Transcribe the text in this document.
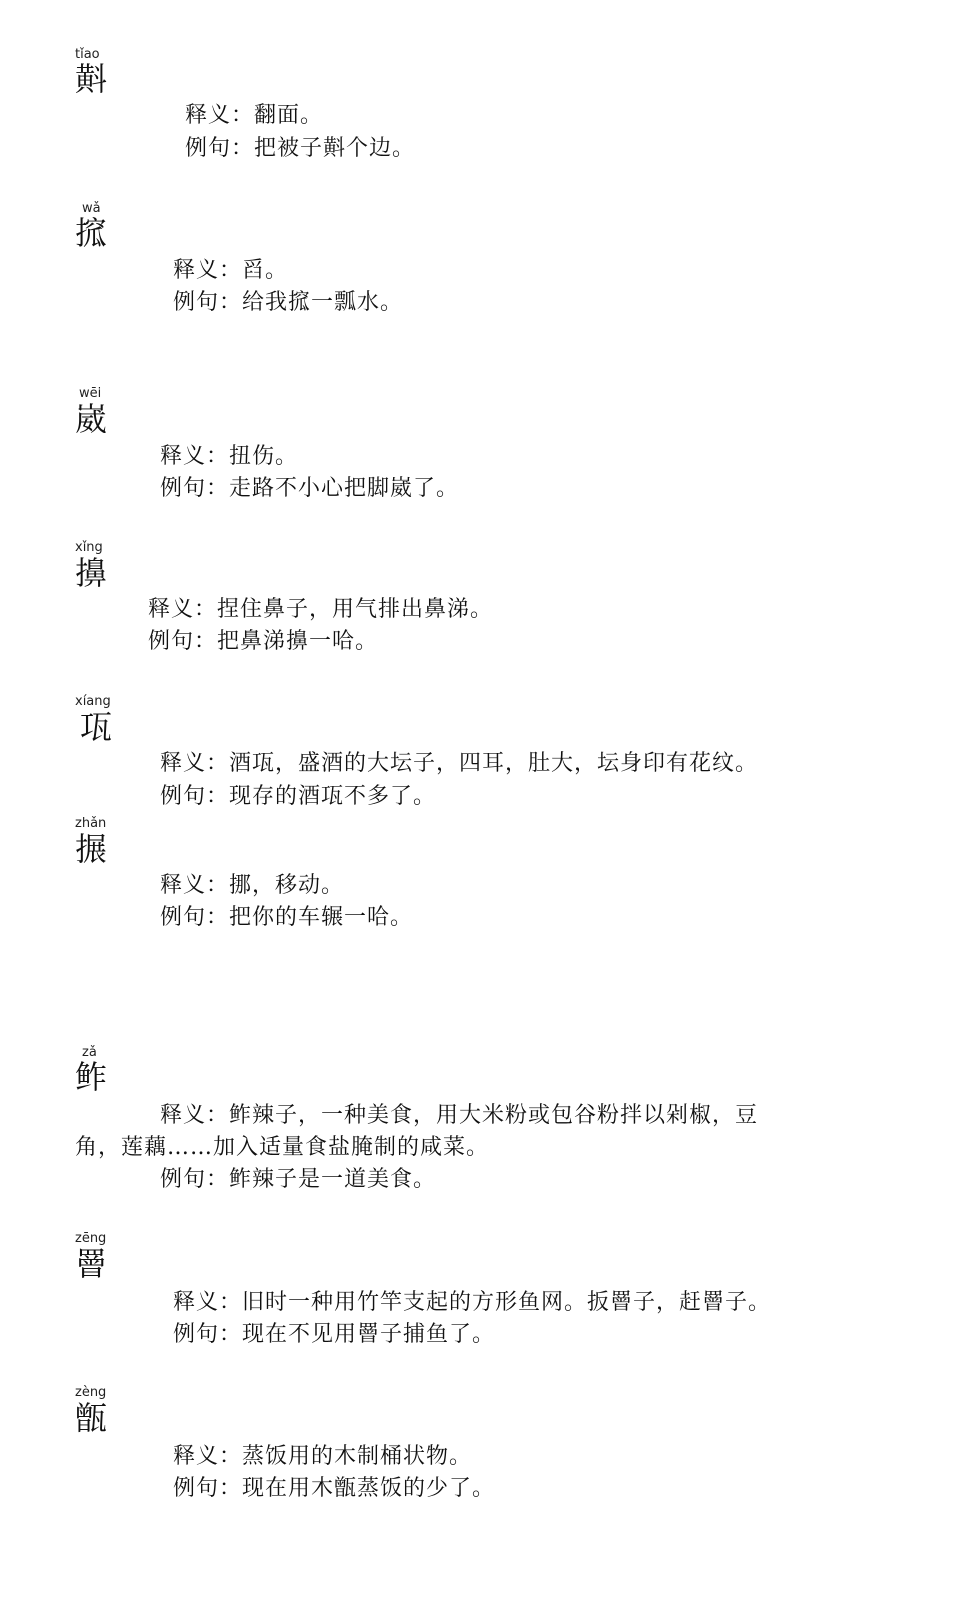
tǐao
斢
释义：翻面。
例句：把被子斢个边。
wǎ
搲
释义：舀。
例句：给我搲一瓢水。
wēi
崴
释义：扭伤。
例句：走路不小心把脚崴了。
xǐng
擤
释义：捏住鼻子，用气排出鼻涕。
例句：把鼻涕擤一哈。
xíang
瓨
释义：酒瓨，盛酒的大坛子，四耳，肚大，坛身印有花纹。
例句：现存的酒瓨不多了。
zhǎn
搌
释义：挪，移动。
例句：把你的车辗一哈。
zǎ
鲊
释义：鲊辣子，一种美食，用大米粉或包谷粉拌以剁椒，豆
角，莲藕……加入适量食盐腌制的咸菜。
例句：鲊辣子是一道美食。
zēng
罾
释义：旧时一种用竹竿支起的方形鱼网。扳罾子，赶罾子。
例句：现在不见用罾子捕鱼了。
zèng
甑
释义：蒸饭用的木制桶状物。
例句：现在用木甑蒸饭的少了。
